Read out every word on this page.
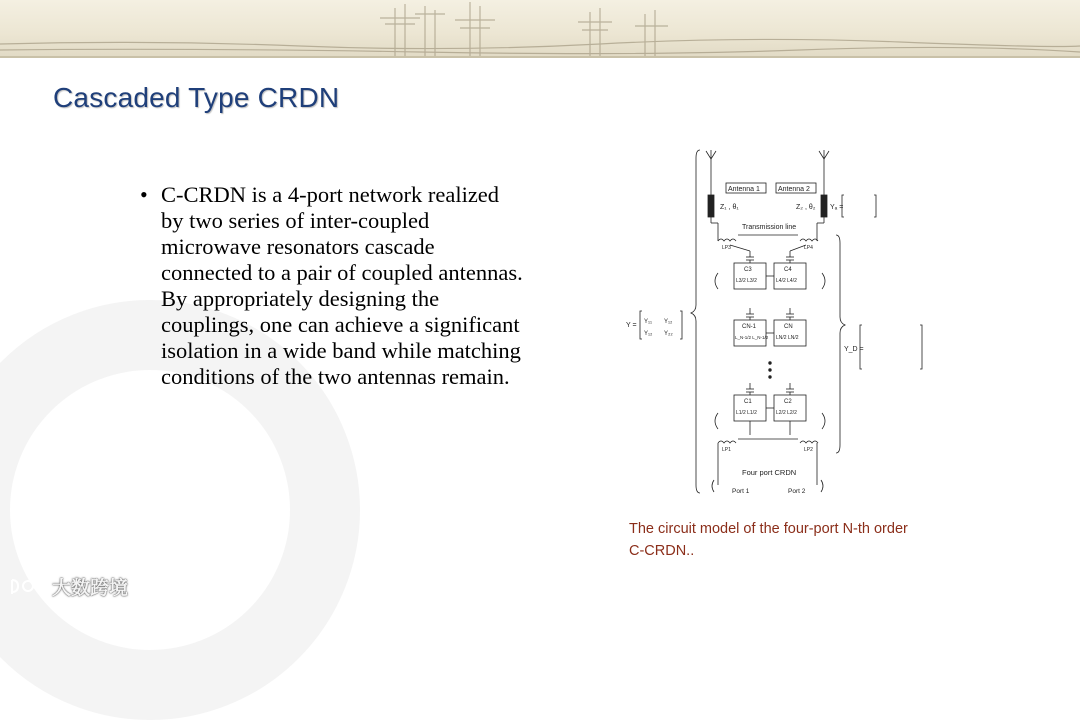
Cascaded Type CRDN
• C-CRDN is a 4-port network realized by two series of inter-coupled microwave resonators cascade connected to a pair of coupled antennas. By appropriately designing the couplings, one can achieve a significant isolation in a wide band while matching conditions of the two antennas remain.

Antenna 1	Antenna 2
Z₁ , θ₁	Z₂ , θ₂
Transmission line
Yₐ =
Y = Y₁₁ Y₁₂
Y₁₂ Y₂₂
Y_D =
LP3	LP4
C3	C4
L3/2 L3/2	L4/2 L4/2
CN-1	CN
L_N-1/2 L_N-1/2 LN/2 LN/2
C1	C2
L1/2 L1/2	L2/2 L2/2
LP1	LP2
Four port CRDN
Port 1	Port 2

The circuit model of the four-port N-th order C-CRDN..

大数跨境
